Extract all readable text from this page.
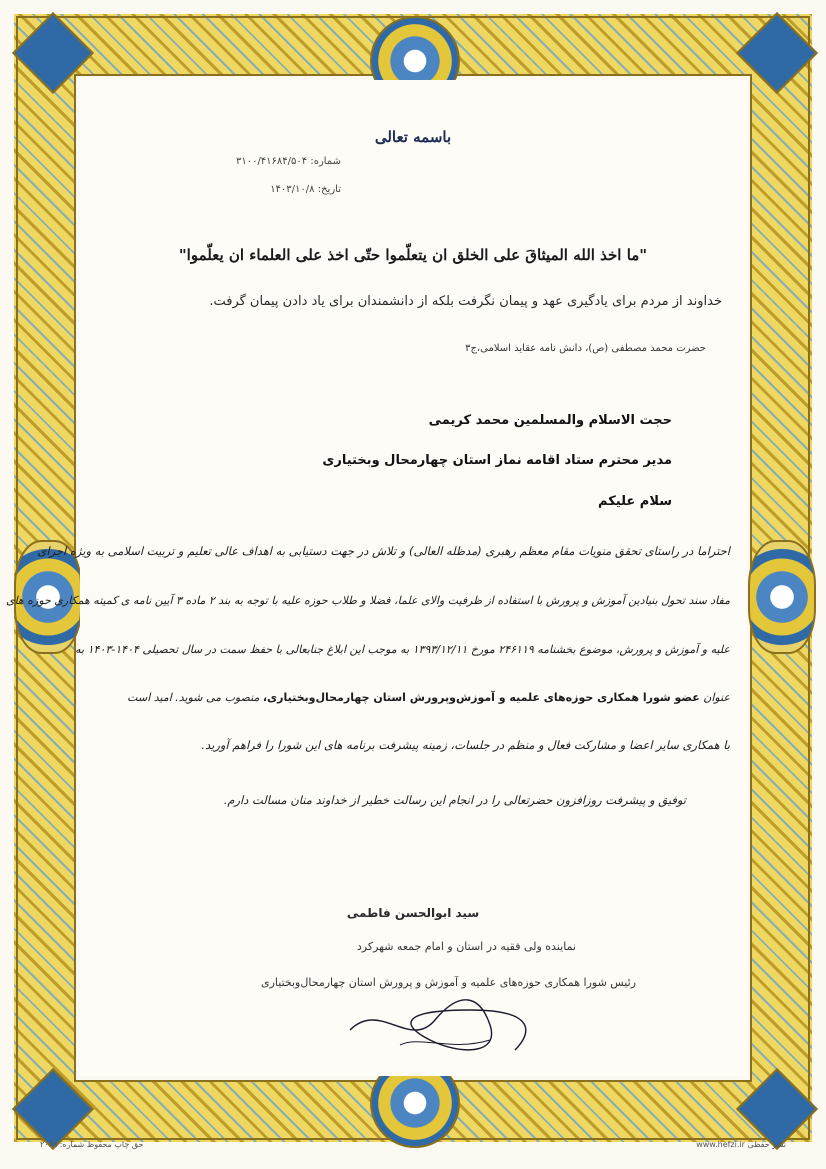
باسمه تعالی
شماره: ۳۱۰۰/۴۱۶۸۴/۵۰۴
تاریخ: ۱۴۰۳/۱۰/۸
"ما اخذ الله الميثاقَ على الخلق ان يتعلّموا حتّى اخذ على العلماء ان يعلّموا"
خداوند از مردم برای یادگیری عهد و پیمان نگرفت بلکه از دانشمندان برای یاد دادن پیمان گرفت.
حضرت محمد مصطفی (ص)، دانش نامه عقاید اسلامی،ج۳
حجت الاسلام والمسلمین محمد کریمی
مدیر محترم ستاد اقامه نماز استان چهارمحال وبختیاری
سلام علیکم
احتراما در راستای تحقق منویات مقام معظم رهبری (مدظله العالی) و تلاش در جهت دستیابی به اهداف عالی تعلیم و تربیت اسلامی به ویژه اجرای
مفاد سند تحول بنیادین آموزش و پرورش با استفاده از ظرفیت والای علما، فضلا و طلاب حوزه علیه با توجه به بند ۲ ماده ۳ آیین نامه ی کمیته همکاری حوزه های
علیه و آموزش و پرورش، موضوع بخشنامه ۲۴۶۱۱۹ مورخ ۱۳۹۳/۱۲/۱۱ به موجب این ابلاغ جنابعالی با حفظ سمت در سال تحصیلی ۱۴۰۴-۱۴۰۳ به
عنوان عضو شورا همکاری حوزه‌های علمیه و آموزش‌وپرورش استان چهارمحال‌وبختیاری، منصوب می شوید. امید است
با همکاری سایر اعضا و مشارکت فعال و منظم در جلسات، زمینه پیشرفت برنامه های این شورا را فراهم آورید.
توفیق و پیشرفت روزافزون حضرتعالی را در انجام این رسالت خطیر از خداوند منان مسالت دارم.
سید ابوالحسن فاطمی
نماینده ولی فقیه در استان و امام جمعه شهرکرد
رئیس شورا همکاری حوزه‌های علمیه و آموزش و پرورش استان چهارمحال‌وبختیاری
حق چاپ محفوظ شماره: ۲۰۶۹	www.hefzi.ir نشر حفظی
